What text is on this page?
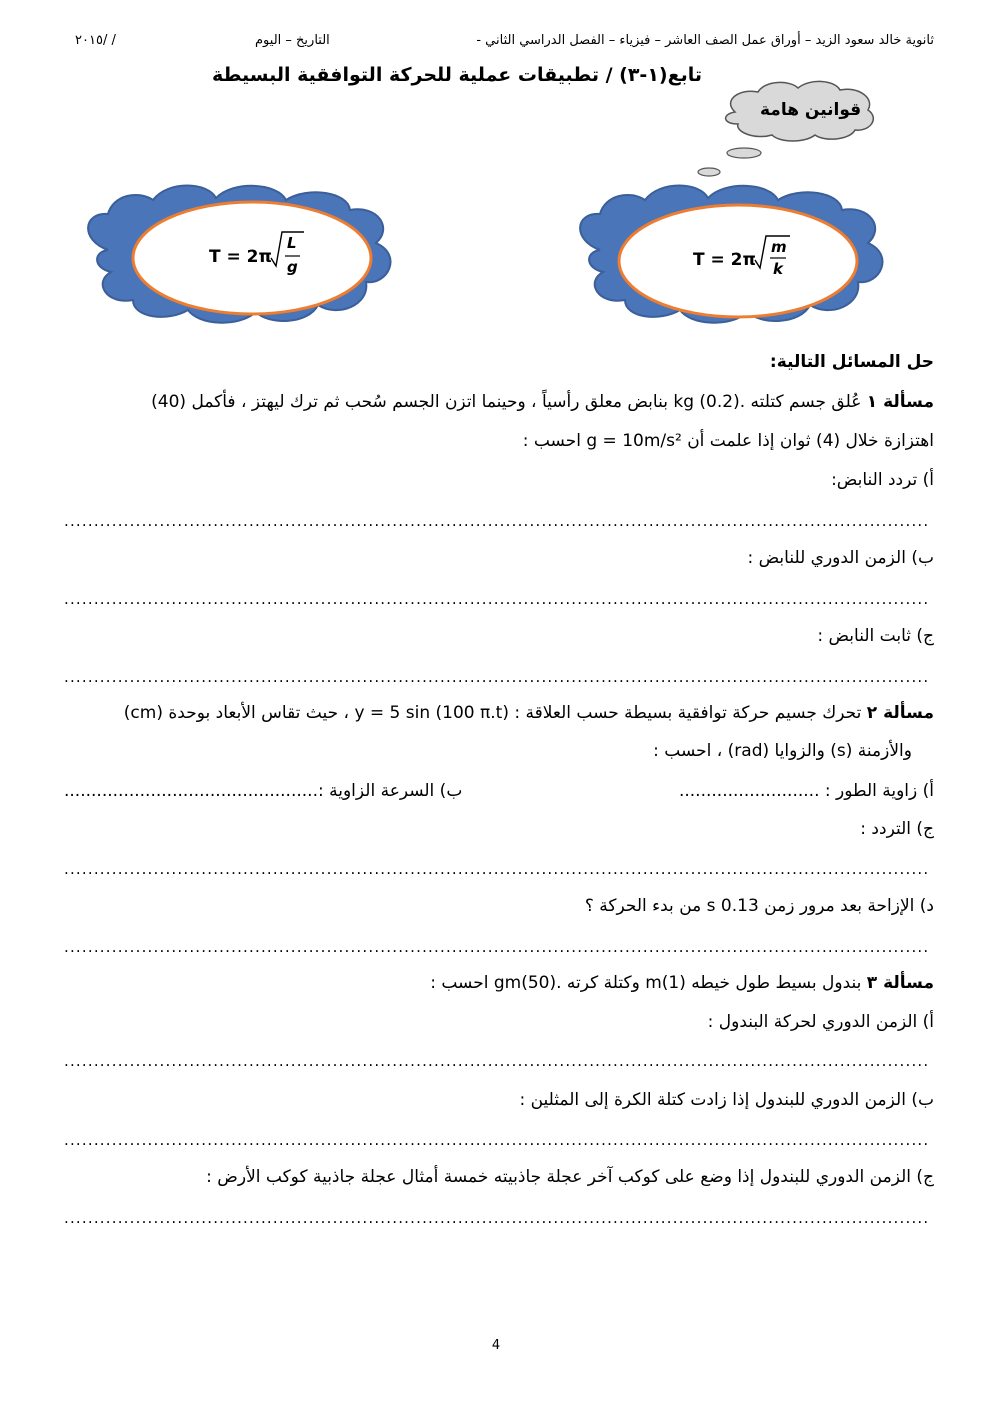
ثانوية خالد سعود الزيد – أوراق عمل الصف العاشر – فيزياء – الفصل الدراسي الثاني -
التاريخ – اليوم
٢٠١٥/ /
تابع(١-٣) / تطبيقات عملية للحركة التوافقية البسيطة
قوانين هامة
T = 2π
m
k
T = 2π
L
g
حل المسائل التالية:
مسألة ١ عُلق جسم كتلته .kg (0.2) بنابض معلق رأسياً ، وحينما اتزن الجسم سُحب ثم ترك ليهتز ، فأكمل (40)
اهتزازة خلال (4) ثوان إذا علمت أن g = 10m/s² احسب :
أ) تردد النابض:
.....
ب) الزمن الدوري للنابض :
.....
ج) ثابت النابض :
.....
مسألة ٢ تحرك جسيم حركة توافقية بسيطة حسب العلاقة : y = 5 sin (100 π.t) ، حيث تقاس الأبعاد بوحدة (cm)
والأزمنة (s) والزوايا (rad) ، احسب :
أ) زاوية الطور : ..........................
ب) السرعة الزاوية :...............................................
ج) التردد :
.....
د) الإزاحة بعد مرور زمن 0.13 s من بدء الحركة ؟
.....
مسألة ٣ بندول بسيط طول خيطه m(1) وكتلة كرته .gm(50) احسب :
أ) الزمن الدوري لحركة البندول :
.....
ب) الزمن الدوري للبندول إذا زادت كتلة الكرة إلى المثلين :
.....
ج) الزمن الدوري للبندول إذا وضع على كوكب آخر عجلة جاذبيته خمسة أمثال عجلة جاذبية كوكب الأرض :
.....
4
